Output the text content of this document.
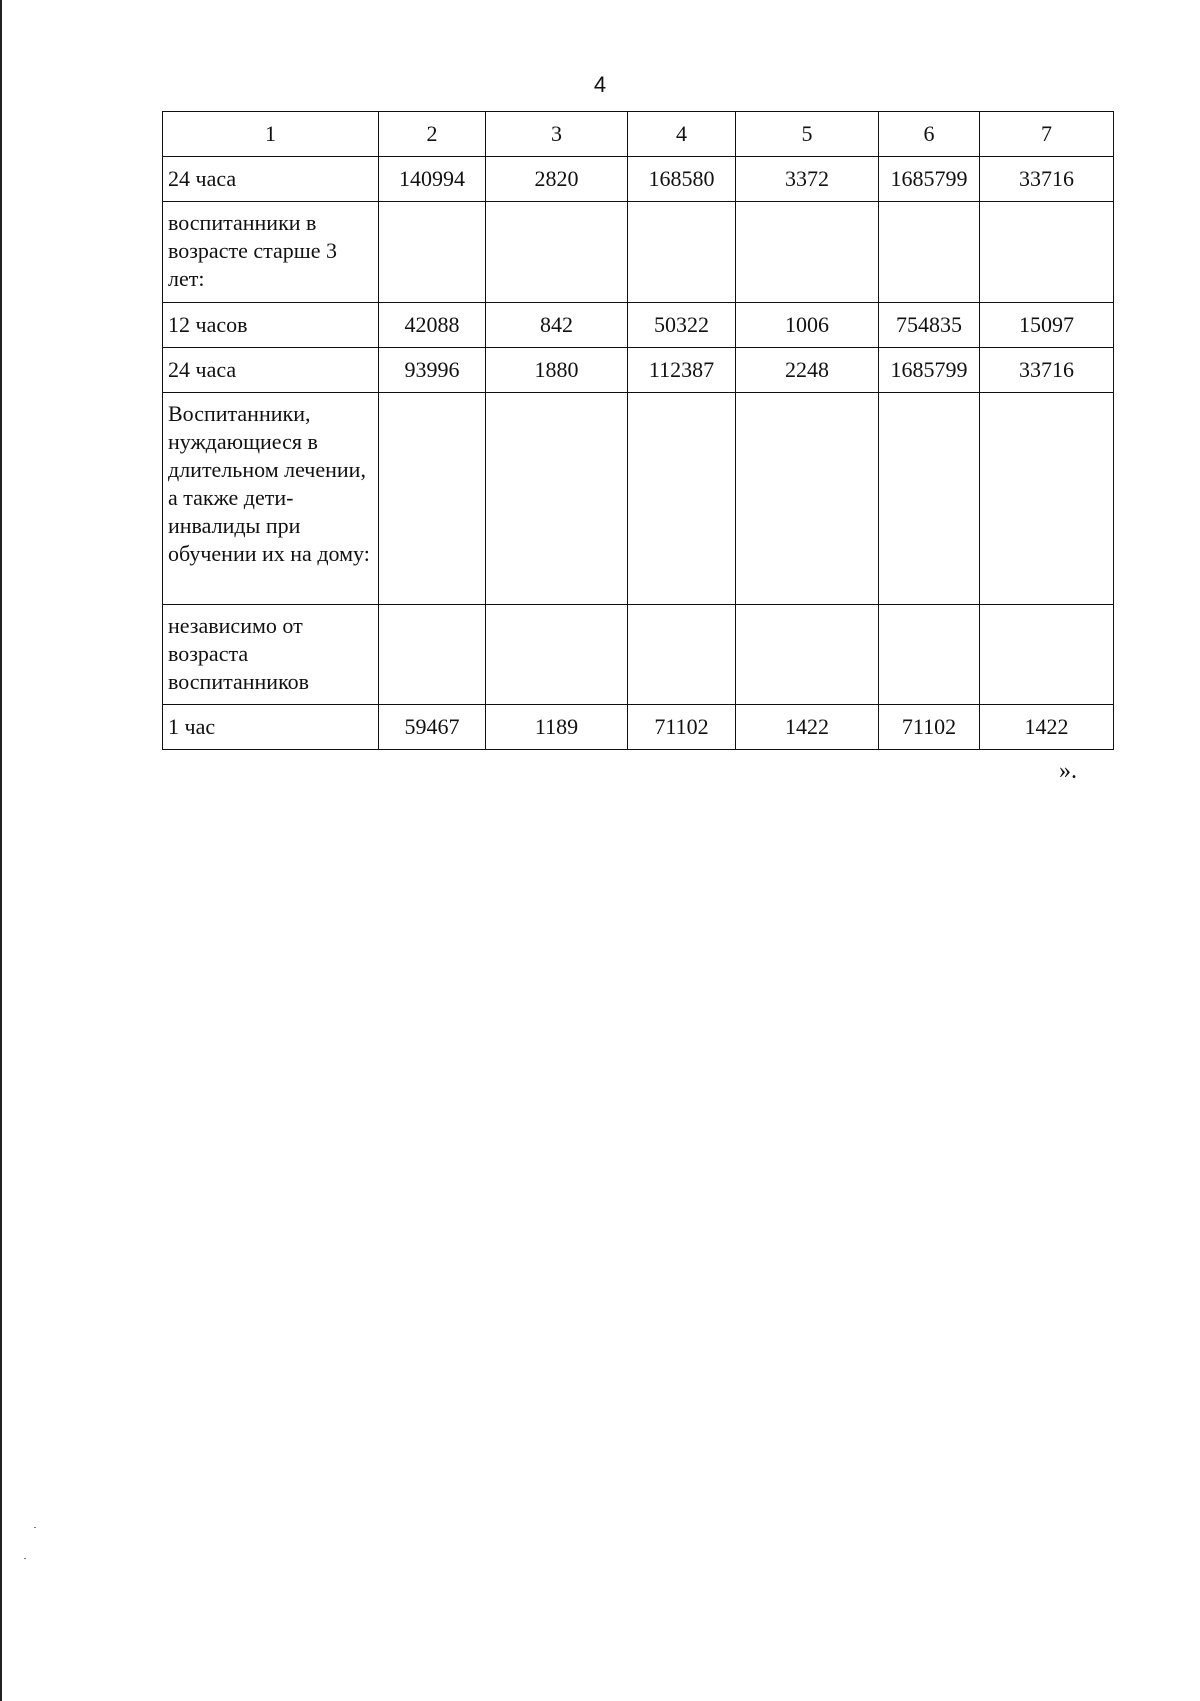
4
1	2	3	4	5	6	7
24 часа	140994	2820	168580	3372	1685799	33716
воспитанники в возрасте старше 3 лет:						
12 часов	42088	842	50322	1006	754835	15097
24 часа	93996	1880	112387	2248	1685799	33716
Воспитанники, нуждающиеся в длительном лечении, а также дети-инвалиды при обучении их на дому:						
независимо от возраста воспитанников						
1 час	59467	1189	71102	1422	71102	1422
».
